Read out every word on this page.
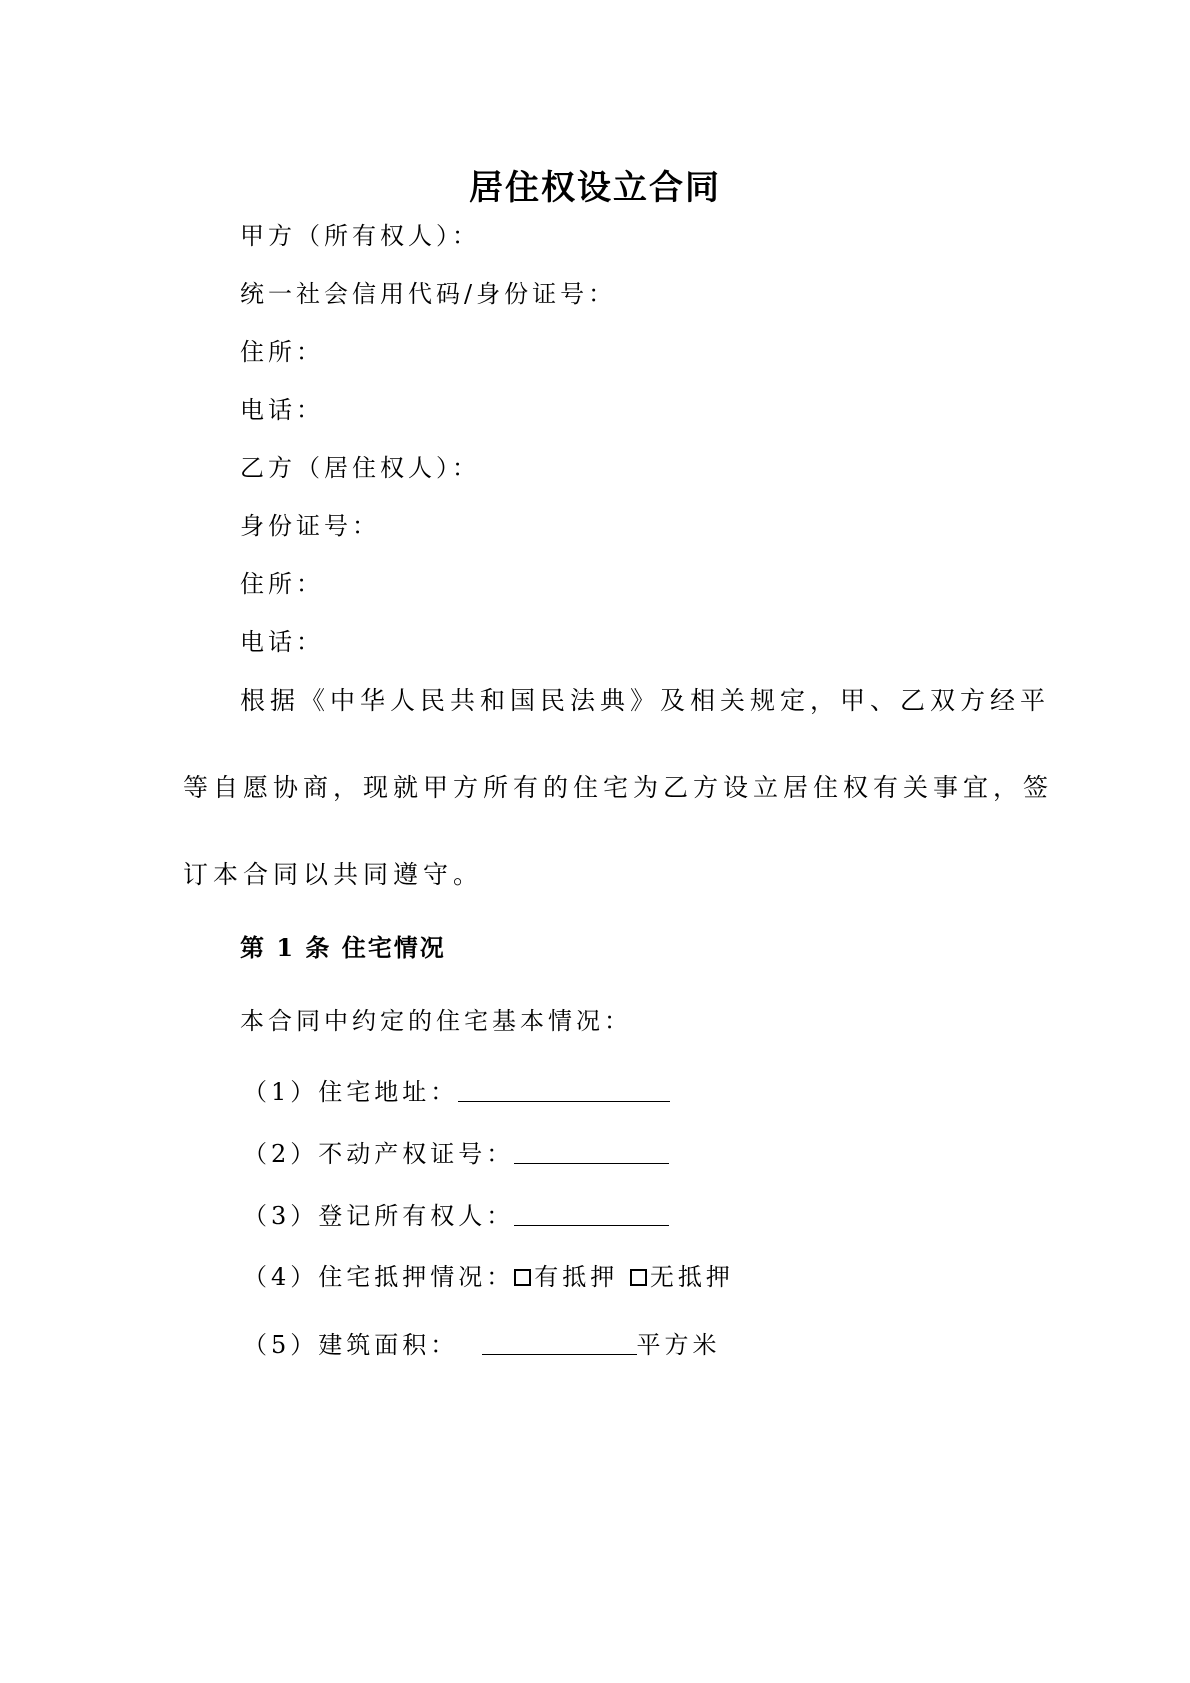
居住权设立合同
甲方（所有权人）：
统一社会信用代码/身份证号：
住所：
电话：
乙方（居住权人）：
身份证号：
住所：
电话：
根据《中华人民共和国民法典》及相关规定，甲、乙双方经平
等自愿协商，现就甲方所有的住宅为乙方设立居住权有关事宜，签
订本合同以共同遵守。
第 1 条 住宅情况
本合同中约定的住宅基本情况：
（1）住宅地址：
（2）不动产权证号：
（3）登记所有权人：
（4）住宅抵押情况： 有抵押 无抵押
（5）建筑面积：	平方米
